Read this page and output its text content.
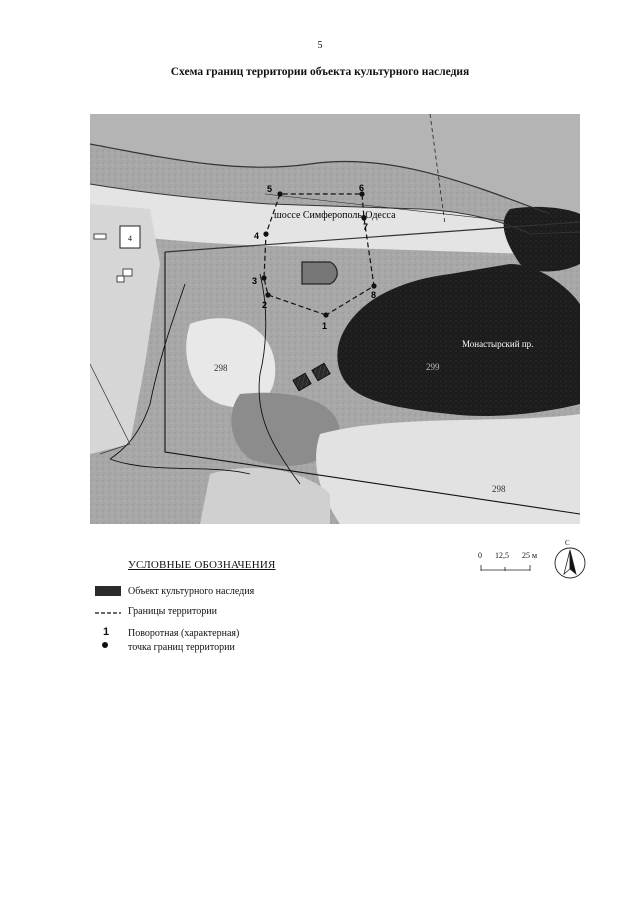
5
Схема границ территории объекта культурного наследия
4
1
2
3
4
5	6
7
8
шоссе Симферополь-Одесса
Монастырский пр.
298	299
298
УСЛОВНЫЕ ОБОЗНАЧЕНИЯ
Объект культурного наследия
Границы территории
1 Поворотная (характерная)
точка границ территории
0 12,5 25 м
С
